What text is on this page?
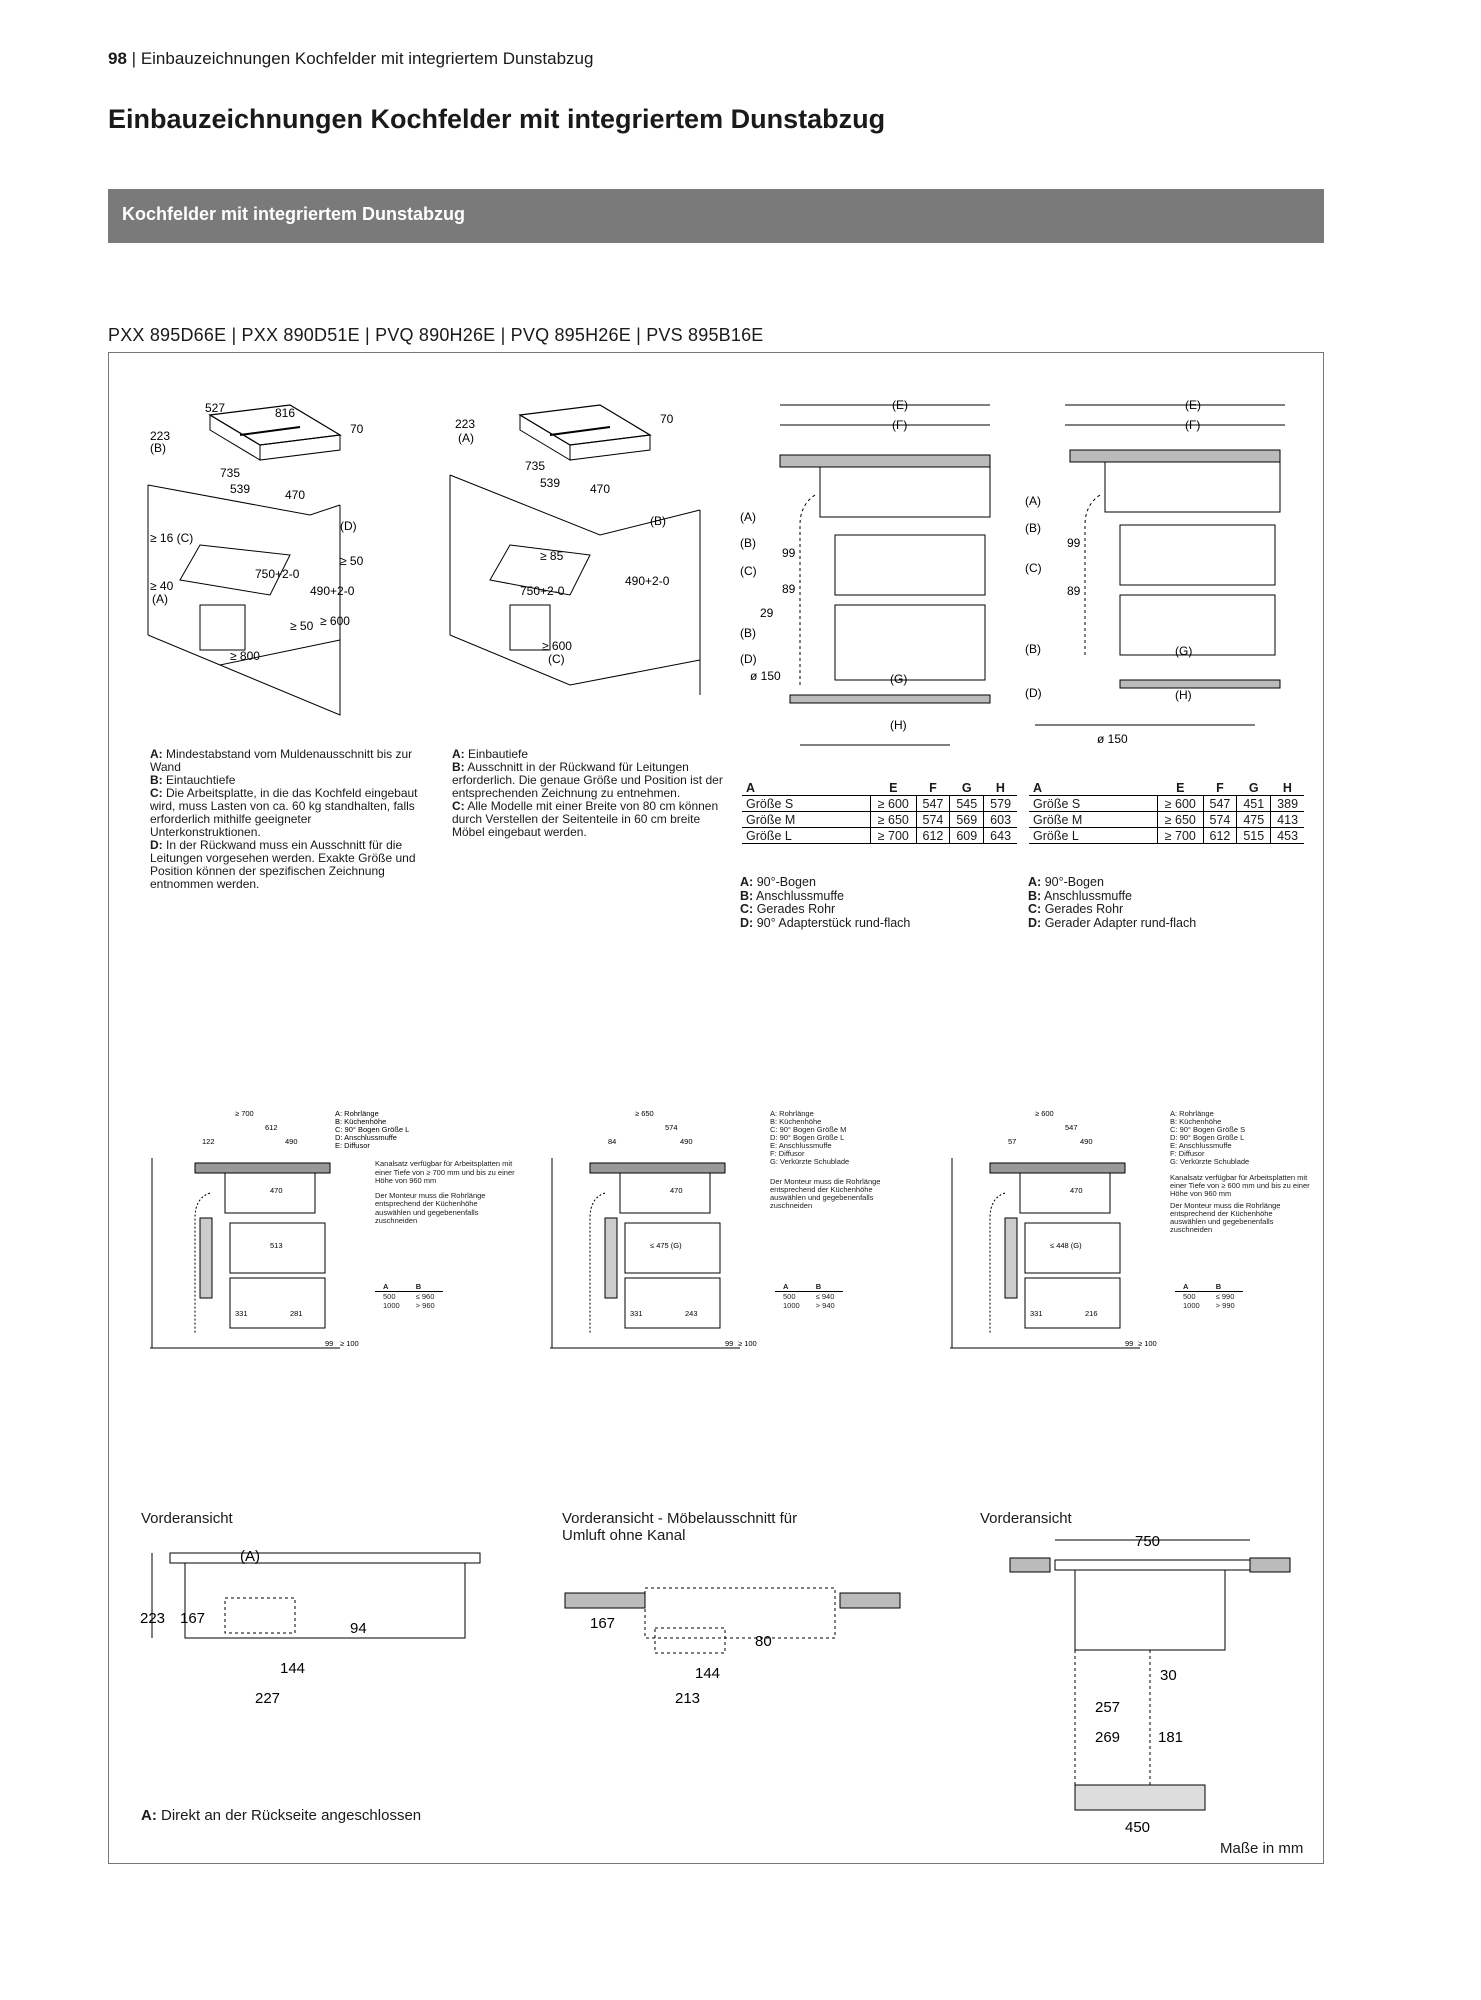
98 | Einbauzeichnungen Kochfelder mit integriertem Dunstabzug
Einbauzeichnungen Kochfelder mit integriertem Dunstabzug
Kochfelder mit integriertem Dunstabzug
PXX 895D66E | PXX 890D51E | PVQ 890H26E | PVQ 895H26E | PVS 895B16E
527	816
223
(B)
70
735
539	470
(D)
≥ 16 (C)
750+2-0
≥ 50
≥ 40
(A)
490+2-0
≥ 600
≥ 50
≥ 800
223
(A)
70
735
539 470
(B)
≥ 85
490+2-0
750+2-0
≥ 600
(C)
(E)
(F)
(A)
(B)
99
(C)
89
29
(B)
(D)
ø 150	(G)
(H)
(E)
(F)
(A)
(B)
99
(C)
89
(B)	(G)
(D)	(H)
ø 150
A: Mindestabstand vom Muldenausschnitt bis zur Wand
B: Eintauchtiefe
C: Die Arbeitsplatte, in die das Kochfeld eingebaut wird, muss Lasten von ca. 60 kg standhalten, falls erforderlich mithilfe geeigneter Unterkonstruktionen.
D: In der Rückwand muss ein Ausschnitt für die Leitungen vorgesehen werden. Exakte Größe und Position können der spezifischen Zeichnung entnommen werden.
A: Einbautiefe
B: Ausschnitt in der Rückwand für Leitungen erforderlich. Die genaue Größe und Position ist der entsprechenden Zeichnung zu entnehmen.
C: Alle Modelle mit einer Breite von 80 cm können durch Verstellen der Seitenteile in 60 cm breite Möbel eingebaut werden.
A	E	F	G	H
Größe S	≥ 600	547	545	579
Größe M	≥ 650	574	569	603
Größe L	≥ 700	612	609	643
A	E	F	G	H
Größe S	≥ 600	547	451	389
Größe M	≥ 650	574	475	413
Größe L	≥ 700	612	515	453
A: 90°-Bogen
B: Anschlussmuffe
C: Gerades Rohr
D: 90° Adapterstück rund-flach
A: 90°-Bogen
B: Anschlussmuffe
C: Gerades Rohr
D: Gerader Adapter rund-flach
≥ 700
612
122	490
470
513
331	281
99 ≥ 100
A: Rohrlänge
B: Küchenhöhe
C: 90° Bogen Größe L
D: Anschlussmuffe
E: Diffusor
Kanalsatz verfügbar für Arbeitsplatten mit einer Tiefe von ≥ 700 mm und bis zu einer Höhe von 960 mm
Der Monteur muss die Rohrlänge entsprechend der Küchenhöhe auswählen und gegebenenfalls zuschneiden
A	B
500	≤ 960
1000	> 960
≥ 650
574
84	490
470
≤ 475 (G)
331	243
99 ≥ 100
A: Rohrlänge
B: Küchenhöhe
C: 90° Bogen Größe M
D: 90° Bogen Größe L
E: Anschlussmuffe
F: Diffusor
G: Verkürzte Schublade
Der Monteur muss die Rohrlänge entsprechend der Küchenhöhe auswählen und gegebenenfalls zuschneiden
A	B
500	≤ 940
1000	> 940
≥ 600
547
57	490
470
≤ 448 (G)
331	216
99 ≥ 100
A: Rohrlänge
B: Küchenhöhe
C: 90° Bogen Größe S
D: 90° Bogen Größe L
E: Anschlussmuffe
F: Diffusor
G: Verkürzte Schublade
Kanalsatz verfügbar für Arbeitsplatten mit einer Tiefe von ≥ 600 mm und bis zu einer Höhe von 960 mm
Der Monteur muss die Rohrlänge entsprechend der Küchenhöhe auswählen und gegebenenfalls zuschneiden
A	B
500	≤ 990
1000	> 990
Vorderansicht
(A)
223 167
94
144
227
Vorderansicht - Möbelausschnitt für Umluft ohne Kanal
167
80
144
213
Vorderansicht
750
30
257
269	181
450
A: Direkt an der Rückseite angeschlossen
Maße in mm
